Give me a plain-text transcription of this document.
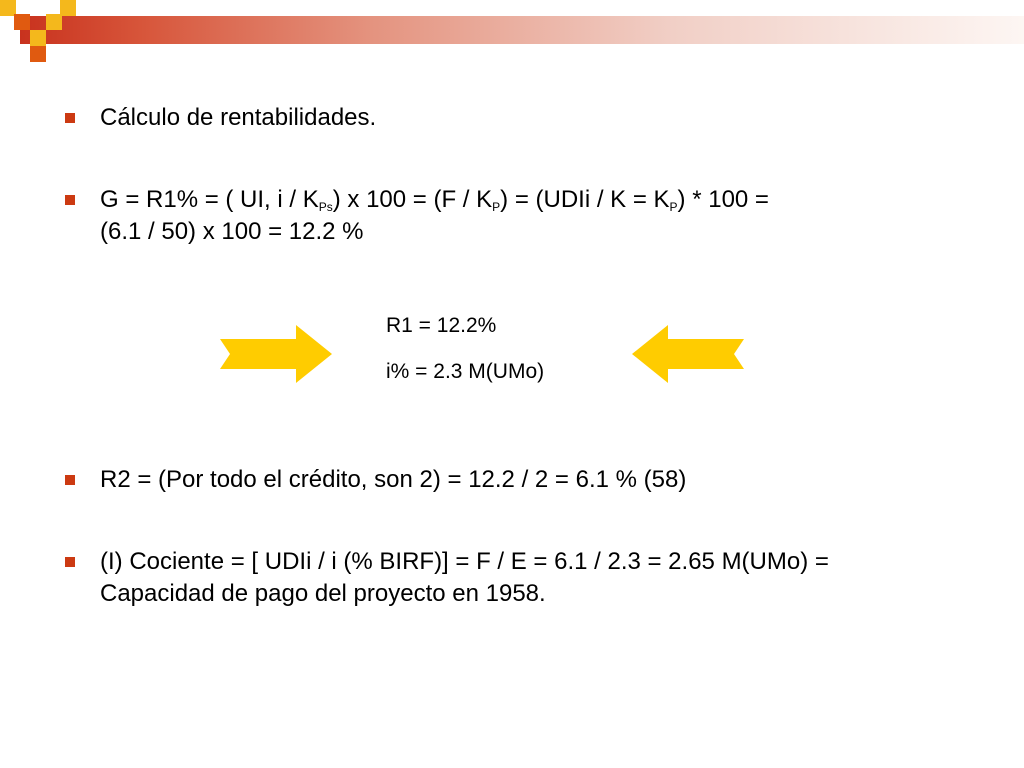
Cálculo de rentabilidades.

G = R1% = ( UI, i / $K_{Ps}$) x $100 = (F / K_P)$ = (UDIi / $K = K_P) * 100$ =
(6.1 / 50) x 100 = 12.2 %

R1 = 12.2%

i% = 2.3 M(UMo)

R2 = (Por todo el crédito, son 2) = 12.2 / 2 = 6.1 % (58)

(I) Cociente = [ UDIi / i (% BIRF)] = F / E = 6.1 / 2.3 = 2.65 M(UMo) =
Capacidad de pago del proyecto en 1958.
